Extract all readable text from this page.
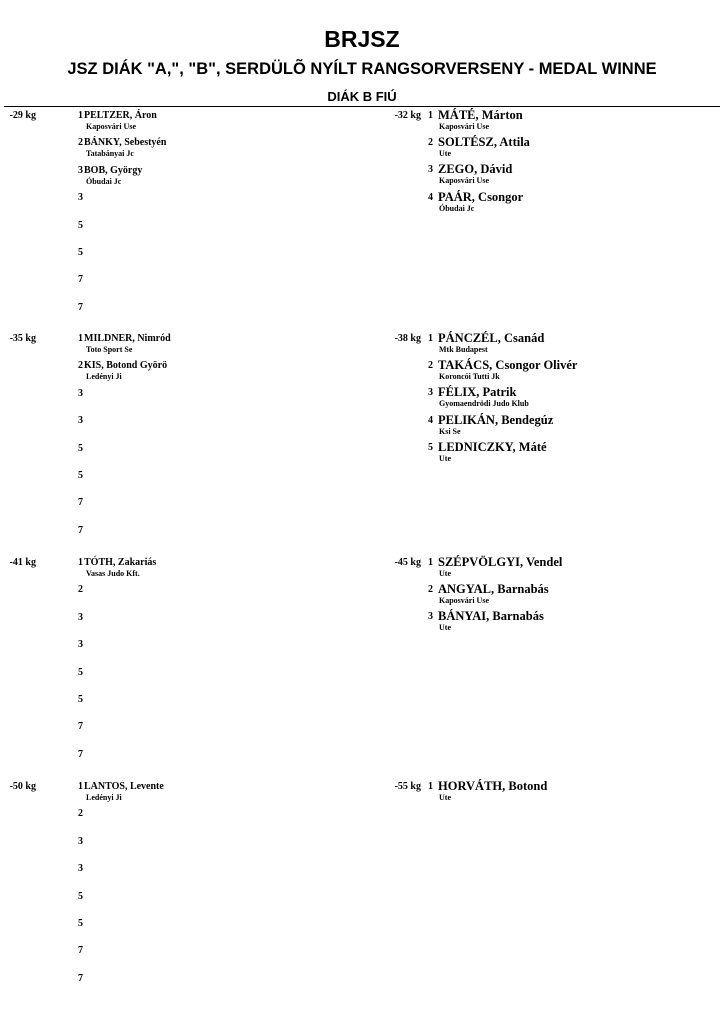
BRJSZ
JSZ DIÁK "A,", "B", SERDÜLÕ NYÍLT RANGSORVERSENY - MEDAL WINNE
DIÁK B FIÚ
-29 kg	1 PELTZER, Áron
Kaposvári Use
2 BÁNKY, Sebestyén
Tatabányai Jc
3 BOB, György
Óbudai Jc
3
5
5
7
7
-32 kg 1 MÁTÉ, Márton
Kaposvári Use
2 SOLTÉSZ, Attila
Ute
3 ZEGO, Dávid
Kaposvári Use
4 PAÁR, Csongor
Óbudai Jc
-35 kg	1 MILDNER, Nimród
Toto Sport Se
2 KIS, Botond Györö
Ledényi Ji
3
3
5
5
7
7
-38 kg 1 PÁNCZÉL, Csanád
Mtk Budapest
2 TAKÁCS, Csongor Olivér
Koroncói Tutti Jk
3 FÉLIX, Patrik
Gyomaendrödi Judo Klub
4 PELIKÁN, Bendegúz
Ksi Se
5 LEDNICZKY, Máté
Ute
-41 kg	1 TÓTH, Zakariás
Vasas Judo Kft.
2
3
3
5
5
7
7
-45 kg 1 SZÉPVÖLGYI, Vendel
Ute
2 ANGYAL, Barnabás
Kaposvári Use
3 BÁNYAI, Barnabás
Ute
-50 kg	1 LANTOS, Levente
Ledényi Ji
2
3
3
5
5
7
7
-55 kg 1 HORVÁTH, Botond
Ute
